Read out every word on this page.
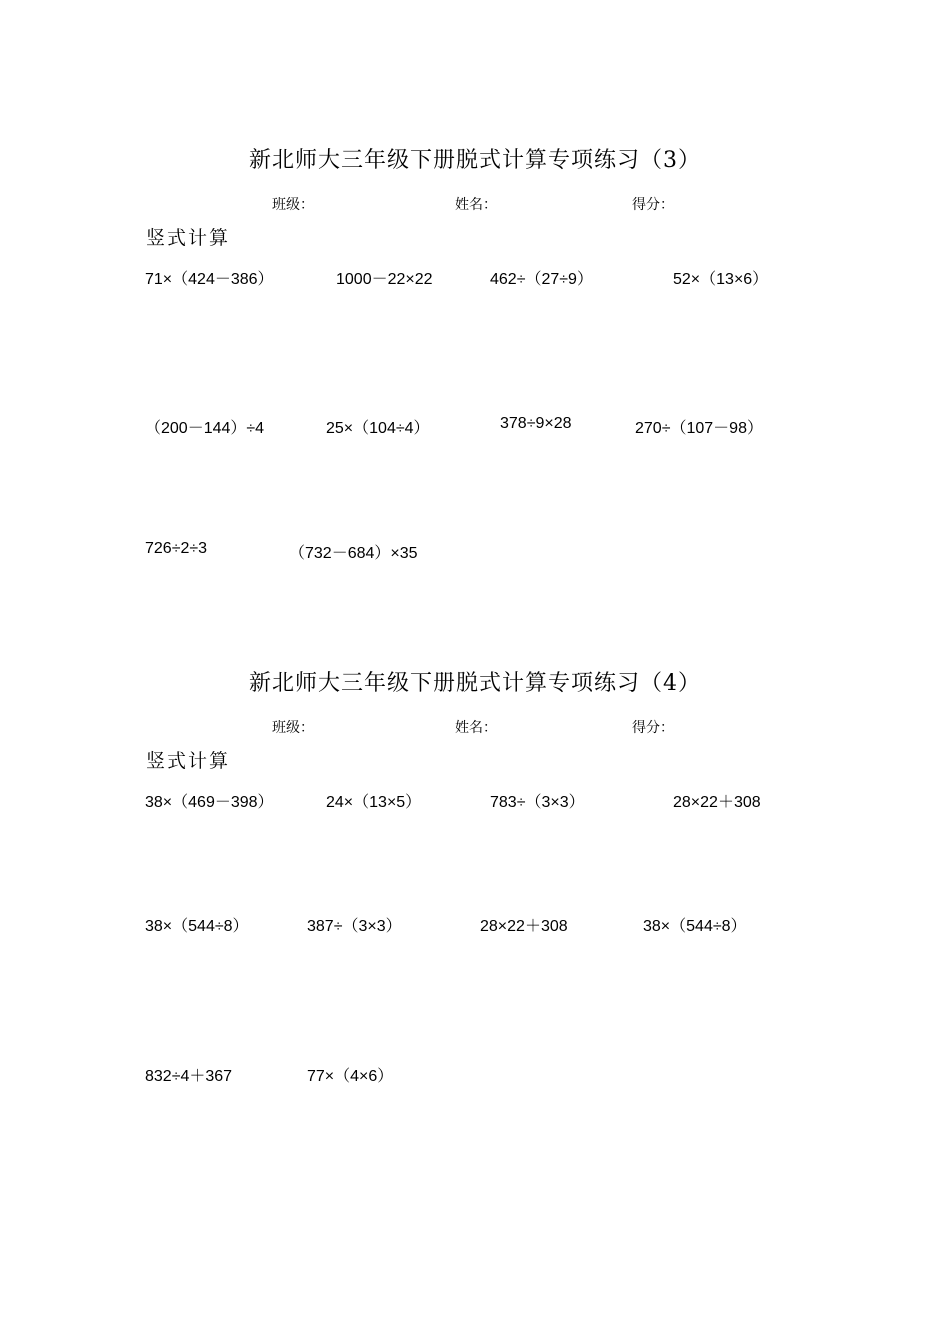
新北师大三年级下册脱式计算专项练习（3）
班级：	姓名：	得分：
竖式计算
71×（424－386）	1000－22×22	462÷（27÷9）	52×（13×6）
（200－144）÷4	25×（104÷4）	378÷9×28	270÷（107－98）
726÷2÷3	（732－684）×35
新北师大三年级下册脱式计算专项练习（4）
班级：	姓名：	得分：
竖式计算
38×（469－398）	24×（13×5）	783÷（3×3）	28×22＋308
38×（544÷8）	387÷（3×3）	28×22＋308	38×（544÷8）
832÷4＋367	77×（4×6）
